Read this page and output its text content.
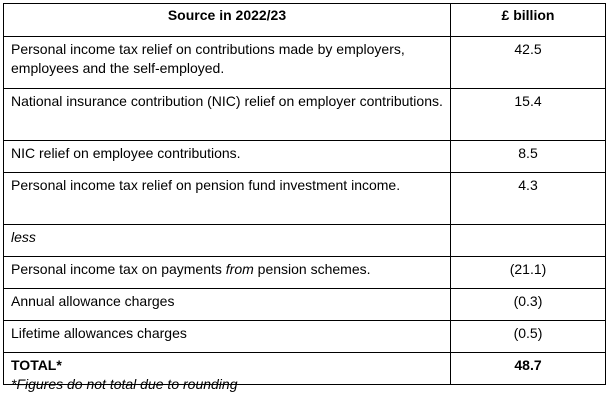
Source in 2022/23	£ billion
Personal income tax relief on contributions made by employers, employees and the self-employed.	42.5
National insurance contribution (NIC) relief on employer contributions.	15.4
NIC relief on employee contributions.	8.5
Personal income tax relief on pension fund investment income.	4.3
less	
Personal income tax on payments from pension schemes.	(21.1)
Annual allowance charges	(0.3)
Lifetime allowances charges	(0.5)
TOTAL*	48.7
*Figures do not total due to rounding
